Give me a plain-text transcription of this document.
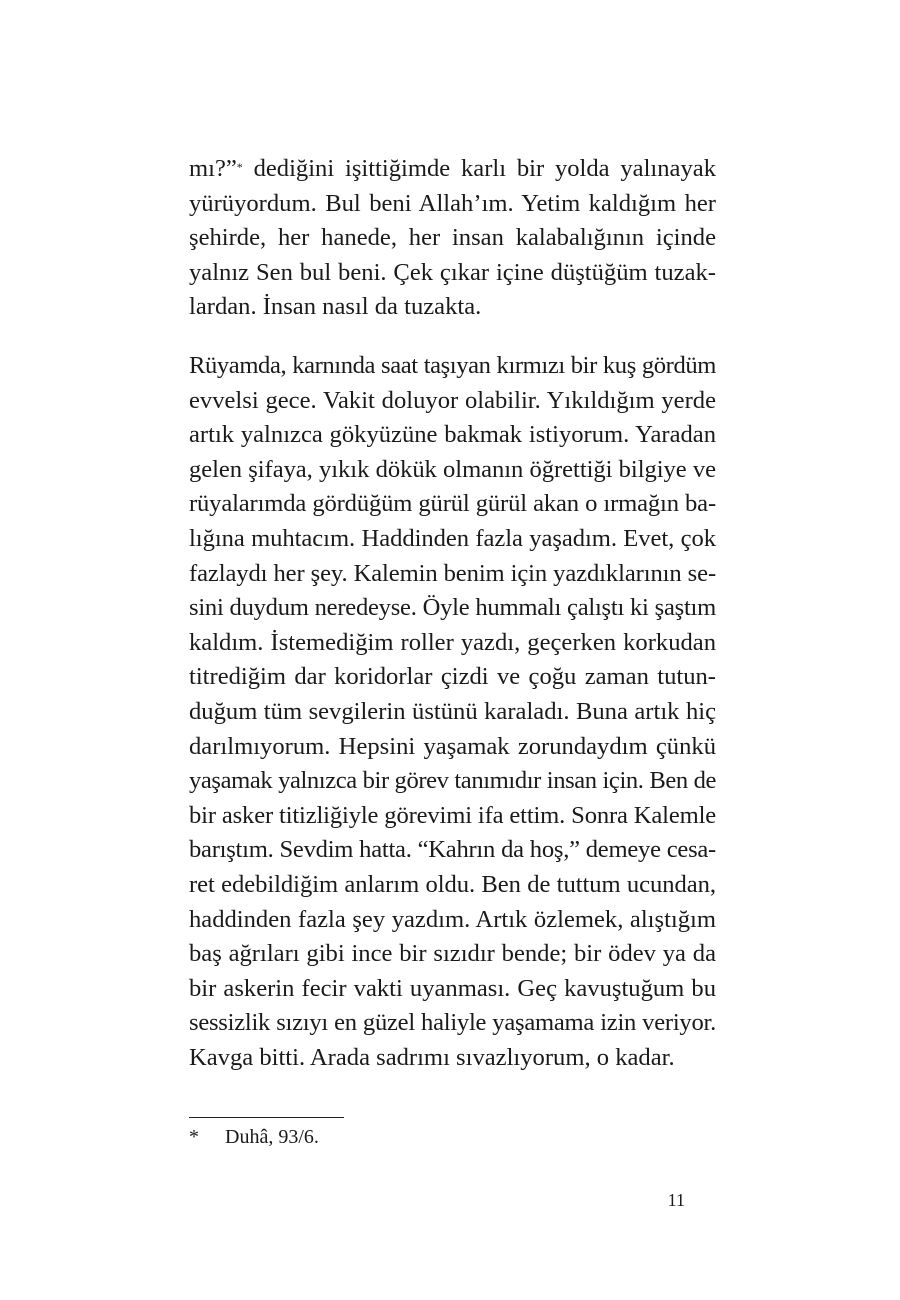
mı?”* dediğini işittiğimde karlı bir yolda yalınayak
yürüyordum. Bul beni Allah’ım. Yetim kaldığım her
şehirde, her hanede, her insan kalabalığının içinde
yalnız Sen bul beni. Çek çıkar içine düştüğüm tuzak-
lardan. İnsan nasıl da tuzakta.
Rüyamda, karnında saat taşıyan kırmızı bir kuş gördüm
evvelsi gece. Vakit doluyor olabilir. Yıkıldığım yerde
artık yalnızca gökyüzüne bakmak istiyorum. Yaradan
gelen şifaya, yıkık dökük olmanın öğrettiği bilgiye ve
rüyalarımda gördüğüm gürül gürül akan o ırmağın ba-
lığına muhtacım. Haddinden fazla yaşadım. Evet, çok
fazlaydı her şey. Kalemin benim için yazdıklarının se-
sini duydum neredeyse. Öyle hummalı çalıştı ki şaştım
kaldım. İstemediğim roller yazdı, geçerken korkudan
titrediğim dar koridorlar çizdi ve çoğu zaman tutun-
duğum tüm sevgilerin üstünü karaladı. Buna artık hiç
darılmıyorum. Hepsini yaşamak zorundaydım çünkü
yaşamak yalnızca bir görev tanımıdır insan için. Ben de
bir asker titizliğiyle görevimi ifa ettim. Sonra Kalemle
barıştım. Sevdim hatta. “Kahrın da hoş,” demeye cesa-
ret edebildiğim anlarım oldu. Ben de tuttum ucundan,
haddinden fazla şey yazdım. Artık özlemek, alıştığım
baş ağrıları gibi ince bir sızıdır bende; bir ödev ya da
bir askerin fecir vakti uyanması. Geç kavuştuğum bu
sessizlik sızıyı en güzel haliyle yaşamama izin veriyor.
Kavga bitti. Arada sadrımı sıvazlıyorum, o kadar.
* Duhâ, 93/6.
11
